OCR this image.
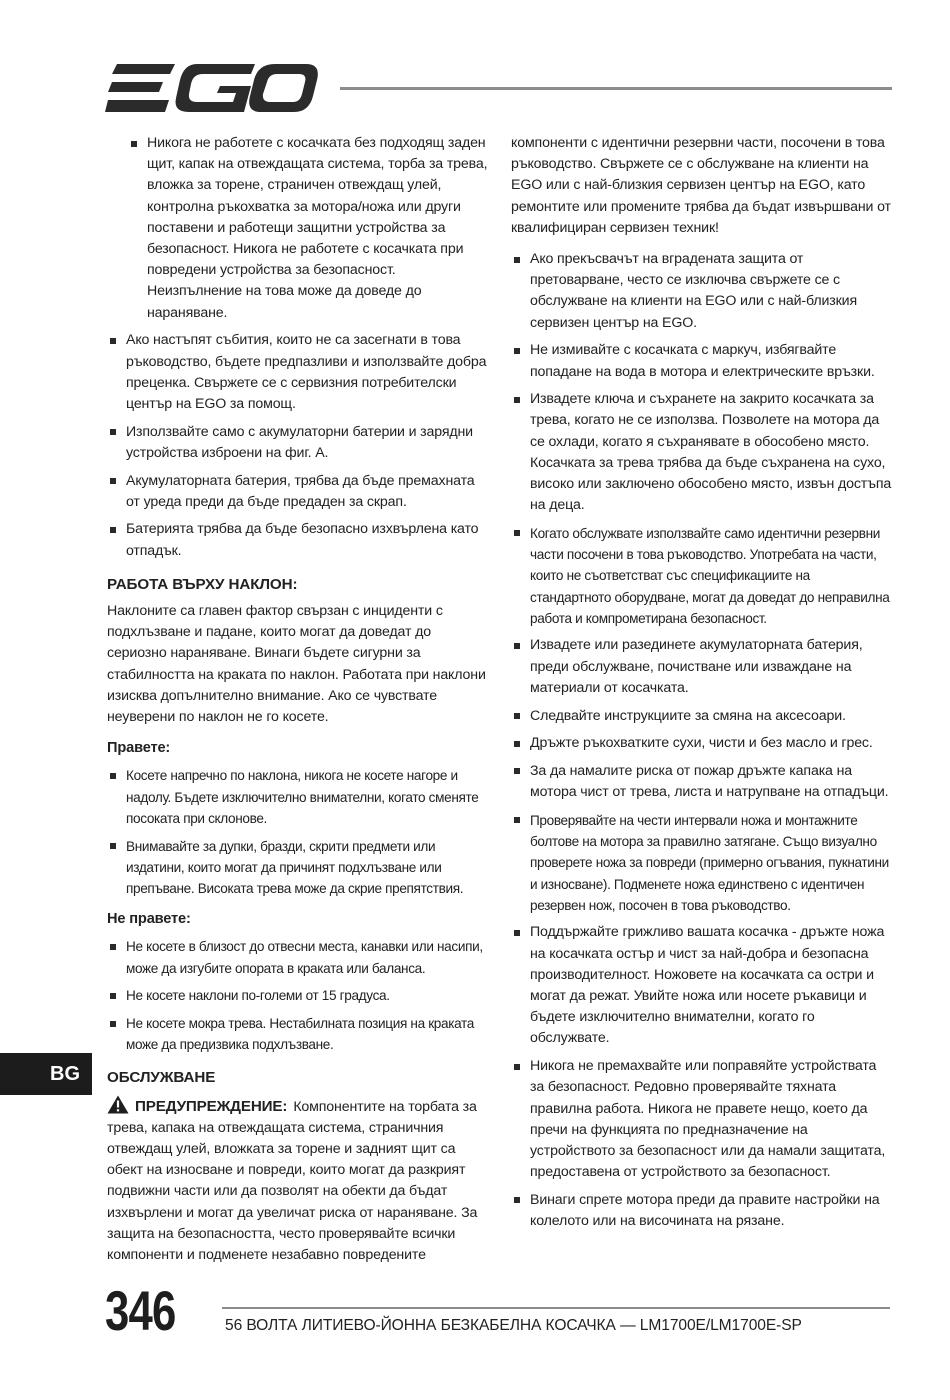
Никога не работете с косачката без подходящ заден щит, капак на отвеждащата система, торба за трева, вложка за торене, страничен отвеждащ улей, контролна ръкохватка за мотора/ножа или други поставени и работещи защитни устройства за безопасност. Никога не работете с косачката при повредени устройства за безопасност. Неизпълнение на това може да доведе до нараняване.
Ако настъпят събития, които не са засегнати в това ръководство, бъдете предпазливи и използвайте добра преценка. Свържете се с сервизния потребителски център на EGO за помощ.
Използвайте само с акумулаторни батерии и зарядни устройства изброени на фиг. А.
Акумулаторната батерия, трябва да бъде премахната от уреда преди да бъде предаден за скрап.
Батерията трябва да бъде безопасно изхвърлена като отпадък.
РАБОТА ВЪРХУ НАКЛОН:

Наклоните са главен фактор свързан с инциденти с подхлъзване и падане, които могат да доведат до сериозно нараняване. Винаги бъдете сигурни за стабилността на краката по наклон. Работата при наклони изисква допълнително внимание. Ако се чувствате неуверени по наклон не го косете.

Правете:
Косете напречно по наклона, никога не косете нагоре и надолу. Бъдете изключително внимателни, когато сменяте посоката при склонове.
Внимавайте за дупки, бразди, скрити предмети или издатини, които могат да причинят подхлъзване или препъване. Високата трева може да скрие препятствия.
Не правете:
Не косете в близост до отвесни места, канавки или насипи, може да изгубите опората в краката или баланса.
Не косете наклони по-големи от 15 градуса.
Не косете мокра трева. Нестабилната позиция на краката може да предизвика подхлъзване.
ОБСЛУЖВАНЕ
ПРЕДУПРЕЖДЕНИЕ: Компонентите на торбата за трева, капака на отвеждащата система, страничния отвеждащ улей, вложката за торене и задният щит са обект на износване и повреди, които могат да разкрият подвижни части или да позволят на обекти да бъдат изхвърлени и могат да увеличат риска от нараняване. За защита на безопасността, често проверявайте всички компоненти и подменете незабавно повредените

компоненти с идентични резервни части, посочени в това ръководство. Свържете се с обслужване на клиенти на EGO или с най-близкия сервизен център на EGO, като ремонтите или промените трябва да бъдат извършвани от квалифициран сервизен техник!

Ако прекъсвачът на вградената защита от претоварване, често се изключва свържете се с обслужване на клиенти на EGO или с най-близкия сервизен център на EGO.
Не измивайте с косачката с маркуч, избягвайте попадане на вода в мотора и електрическите връзки.
Извадете ключа и съхранете на закрито косачката за трева, когато не се използва. Позволете на мотора да се охлади, когато я съхранявате в обособено място. Косачката за трева трябва да бъде съхранена на сухо, високо или заключено обособено място, извън достъпа на деца.
Когато обслужвате използвайте само идентични резервни части посочени в това ръководство. Употребата на части, които не съответстват със спецификациите на стандартното оборудване, могат да доведат до неправилна работа и компрометирана безопасност.
Извадете или разединете акумулаторната батерия, преди обслужване, почистване или изваждане на материали от косачката.
Следвайте инструкциите за смяна на аксесоари.
Дръжте ръкохватките сухи, чисти и без масло и грес.
За да намалите риска от пожар дръжте капака на мотора чист от трева, листа и натрупване на отпадъци.
Проверявайте на чести интервали ножа и монтажните болтове на мотора за правилно затягане. Също визуално проверете ножа за повреди (примерно огъвания, пукнатини и износване). Подменете ножа единствено с идентичен резервен нож, посочен в това ръководство.
Поддържайте грижливо вашата косачка - дръжте ножа на косачката остър и чист за най-добра и безопасна производителност. Ножовете на косачката са остри и могат да режат. Увийте ножа или носете ръкавици и бъдете изключително внимателни, когато го обслужвате.
Никога не премахвайте или поправяйте устройствата за безопасност. Редовно проверявайте тяхната правилна работа. Никога не правете нещо, което да пречи на функцията по предназначение на устройството за безопасност или да намали защитата, предоставена от устройството за безопасност.
Винаги спрете мотора преди да правите настройки на колелото или на височината на рязане.
BG
346	56 ВОЛТА ЛИТИЕВО-ЙОННА БЕЗКАБЕЛНА КОСАЧКА — LM1700E/LM1700E-SP
